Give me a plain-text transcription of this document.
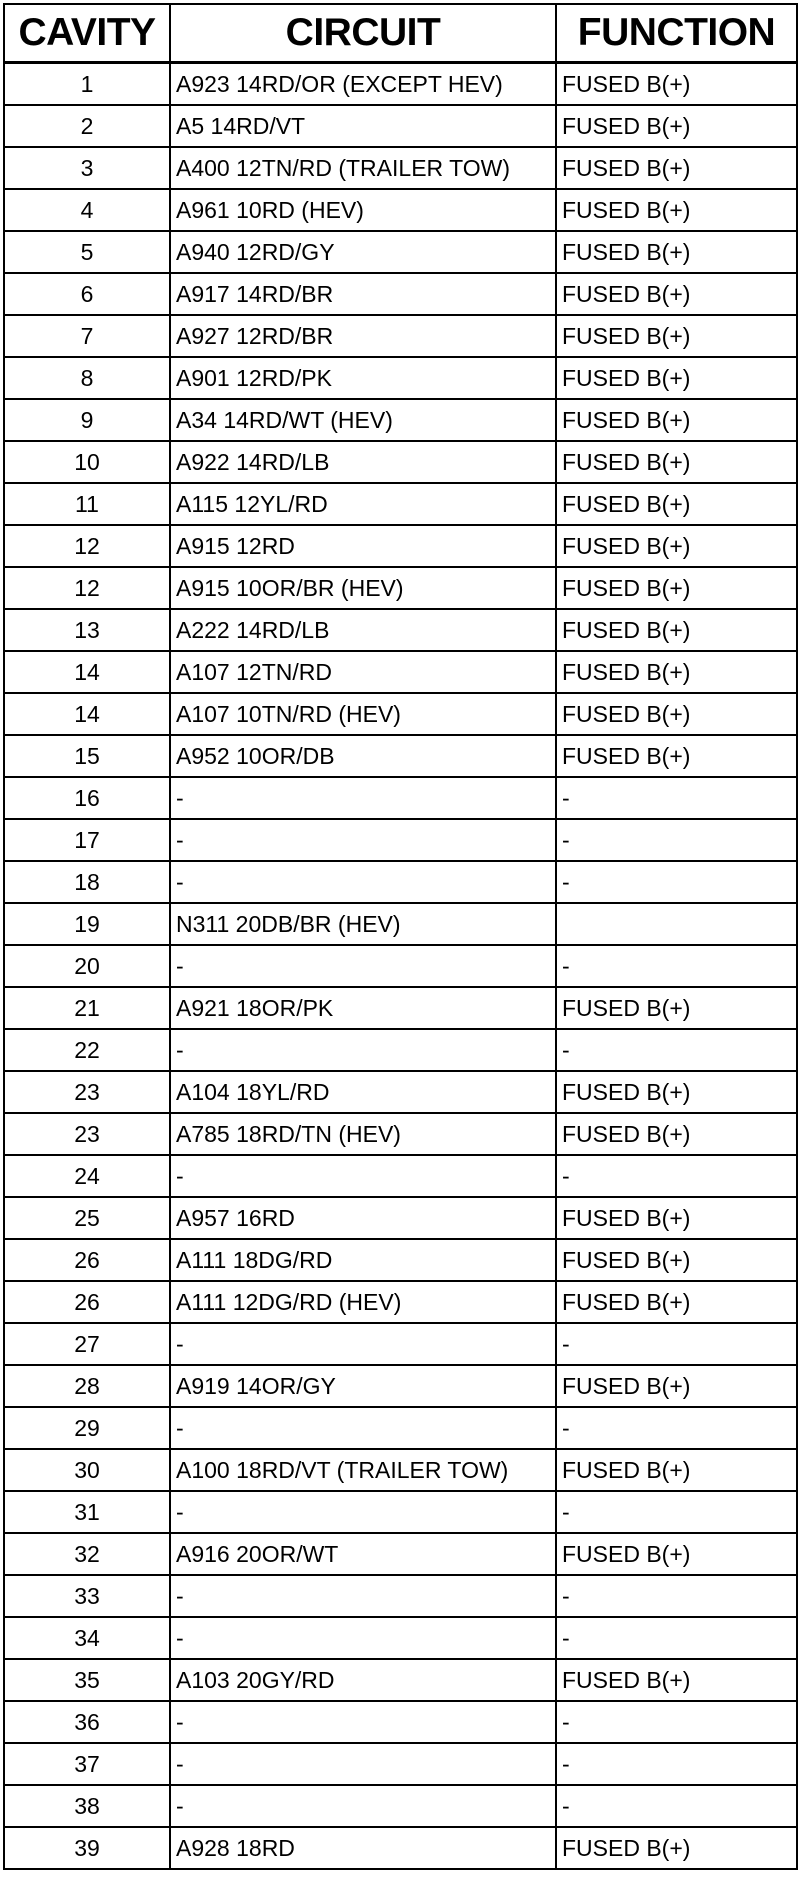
CAVITY	CIRCUIT	FUNCTION
1	A923 14RD/OR (EXCEPT HEV)	FUSED B(+)
2	A5 14RD/VT	FUSED B(+)
3	A400 12TN/RD (TRAILER TOW)	FUSED B(+)
4	A961 10RD (HEV)	FUSED B(+)
5	A940 12RD/GY	FUSED B(+)
6	A917 14RD/BR	FUSED B(+)
7	A927 12RD/BR	FUSED B(+)
8	A901 12RD/PK	FUSED B(+)
9	A34 14RD/WT (HEV)	FUSED B(+)
10	A922 14RD/LB	FUSED B(+)
11	A115 12YL/RD	FUSED B(+)
12	A915 12RD	FUSED B(+)
12	A915 10OR/BR (HEV)	FUSED B(+)
13	A222 14RD/LB	FUSED B(+)
14	A107 12TN/RD	FUSED B(+)
14	A107 10TN/RD (HEV)	FUSED B(+)
15	A952 10OR/DB	FUSED B(+)
16	-	-
17	-	-
18	-	-
19	N311 20DB/BR (HEV)	
20	-	-
21	A921 18OR/PK	FUSED B(+)
22	-	-
23	A104 18YL/RD	FUSED B(+)
23	A785 18RD/TN (HEV)	FUSED B(+)
24	-	-
25	A957 16RD	FUSED B(+)
26	A111 18DG/RD	FUSED B(+)
26	A111 12DG/RD (HEV)	FUSED B(+)
27	-	-
28	A919 14OR/GY	FUSED B(+)
29	-	-
30	A100 18RD/VT (TRAILER TOW)	FUSED B(+)
31	-	-
32	A916 20OR/WT	FUSED B(+)
33	-	-
34	-	-
35	A103 20GY/RD	FUSED B(+)
36	-	-
37	-	-
38	-	-
39	A928 18RD	FUSED B(+)
